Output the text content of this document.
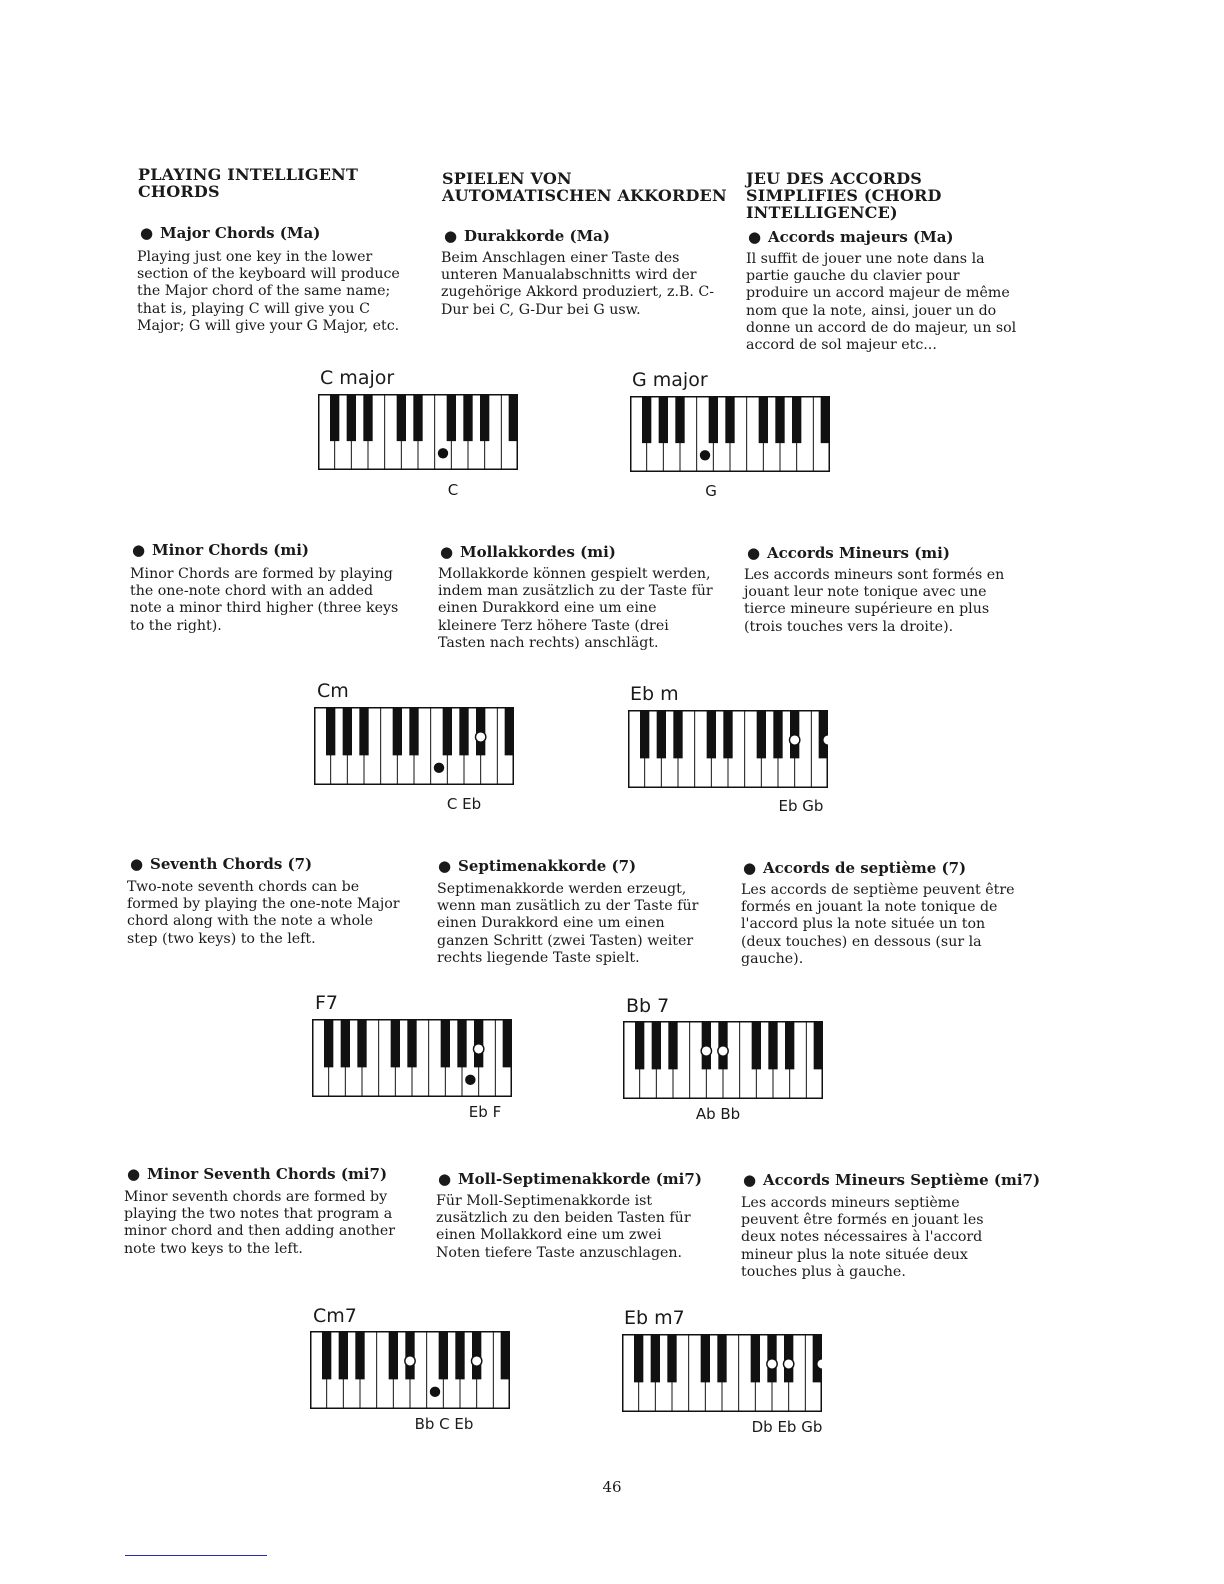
PLAYING INTELLIGENT CHORDS
SPIELEN VON AUTOMATISCHEN AKKORDEN
JEU DES ACCORDS SIMPLIFIES (CHORD INTELLIGENCE)
● Major Chords (Ma)

Playing just one key in the lower section of the keyboard will produce the Major chord of the same name; that is, playing C will give you C Major; G will give your G Major, etc.

● Durakkorde (Ma)

Beim Anschlagen einer Taste des unteren Manualabschnitts wird der zugehörige Akkord produziert, z.B. C-Dur bei C, G-Dur bei G usw.

● Accords majeurs (Ma)

Il suffit de jouer une note dans la partie gauche du clavier pour produire un accord majeur de même nom que la note, ainsi, jouer un do donne un accord de do majeur, un sol accord de sol majeur etc...

C major
C
G major
G
● Minor Chords (mi)

Minor Chords are formed by playing the one-note chord with an added note a minor third higher (three keys to the right).

● Mollakkordes (mi)

Mollakkorde können gespielt werden, indem man zusätzlich zu der Taste für einen Durakkord eine um eine kleinere Terz höhere Taste (drei Tasten nach rechts) anschlägt.

● Accords Mineurs (mi)

Les accords mineurs sont formés en jouant leur note tonique avec une tierce mineure supérieure en plus (trois touches vers la droite).

Cm
C Eb
Eb m
Eb Gb
● Seventh Chords (7)

Two-note seventh chords can be formed by playing the one-note Major chord along with the note a whole step (two keys) to the left.

● Septimenakkorde (7)

Septimenakkorde werden erzeugt, wenn man zusätlich zu der Taste für einen Durakkord eine um einen ganzen Schritt (zwei Tasten) weiter rechts liegende Taste spielt.

● Accords de septième (7)

Les accords de septième peuvent être formés en jouant la note tonique de l'accord plus la note située un ton (deux touches) en dessous (sur la gauche).

F7
Eb F
Bb 7
Ab Bb
● Minor Seventh Chords (mi7)

Minor seventh chords are formed by playing the two notes that program a minor chord and then adding another note two keys to the left.

● Moll-Septimenakkorde (mi7)

Für Moll-Septimenakkorde ist zusätzlich zu den beiden Tasten für einen Mollakkord eine um zwei Noten tiefere Taste anzuschlagen.

● Accords Mineurs Septième (mi7)

Les accords mineurs septième peuvent être formés en jouant les deux notes nécessaires à l'accord mineur plus la note située deux touches plus à gauche.

Cm7
Bb C Eb
Eb m7
Db Eb Gb
46
